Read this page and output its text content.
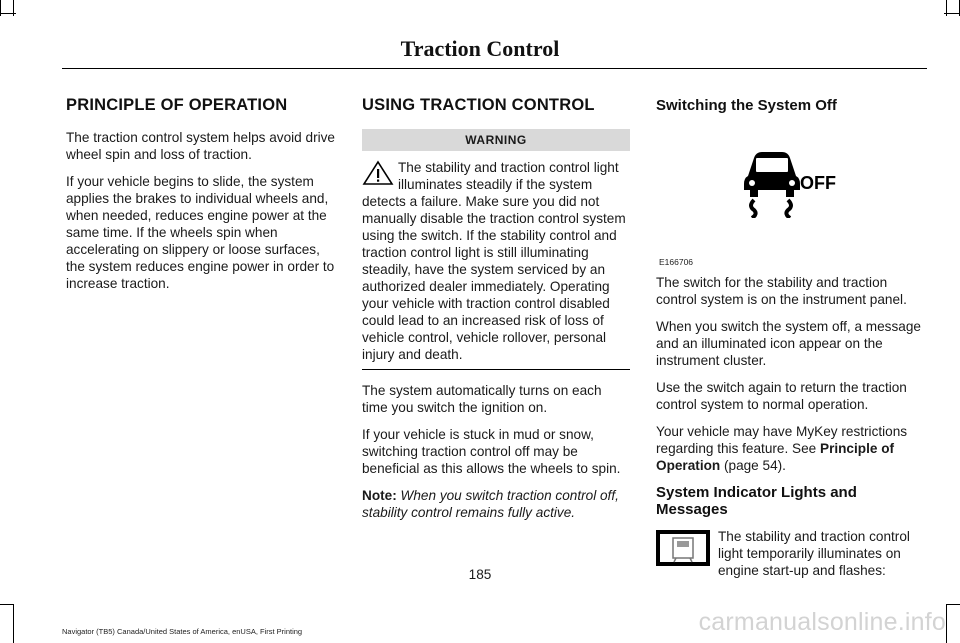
Traction Control
PRINCIPLE OF OPERATION

The traction control system helps avoid drive wheel spin and loss of traction.

If your vehicle begins to slide, the system applies the brakes to individual wheels and, when needed, reduces engine power at the same time. If the wheels spin when accelerating on slippery or loose surfaces, the system reduces engine power in order to increase traction.

USING TRACTION CONTROL
WARNING
The stability and traction control light illuminates steadily if the system detects a failure. Make sure you did not manually disable the traction control system using the switch. If the stability control and traction control light is still illuminating steadily, have the system serviced by an authorized dealer immediately. Operating your vehicle with traction control disabled could lead to an increased risk of loss of vehicle control, vehicle rollover, personal injury and death.

The system automatically turns on each time you switch the ignition on.

If your vehicle is stuck in mud or snow, switching traction control off may be beneficial as this allows the wheels to spin.

Note: When you switch traction control off, stability control remains fully active.

Switching the System Off
OFF
E166706

The switch for the stability and traction control system is on the instrument panel.

When you switch the system off, a message and an illuminated icon appear on the instrument cluster.

Use the switch again to return the traction control system to normal operation.

Your vehicle may have MyKey restrictions regarding this feature. See Principle of Operation (page 54).

System Indicator Lights and Messages
The stability and traction control light temporarily illuminates on engine start-up and flashes:
185
Navigator (TB5) Canada/United States of America, enUSA, First Printing	carmanualsonline.info
